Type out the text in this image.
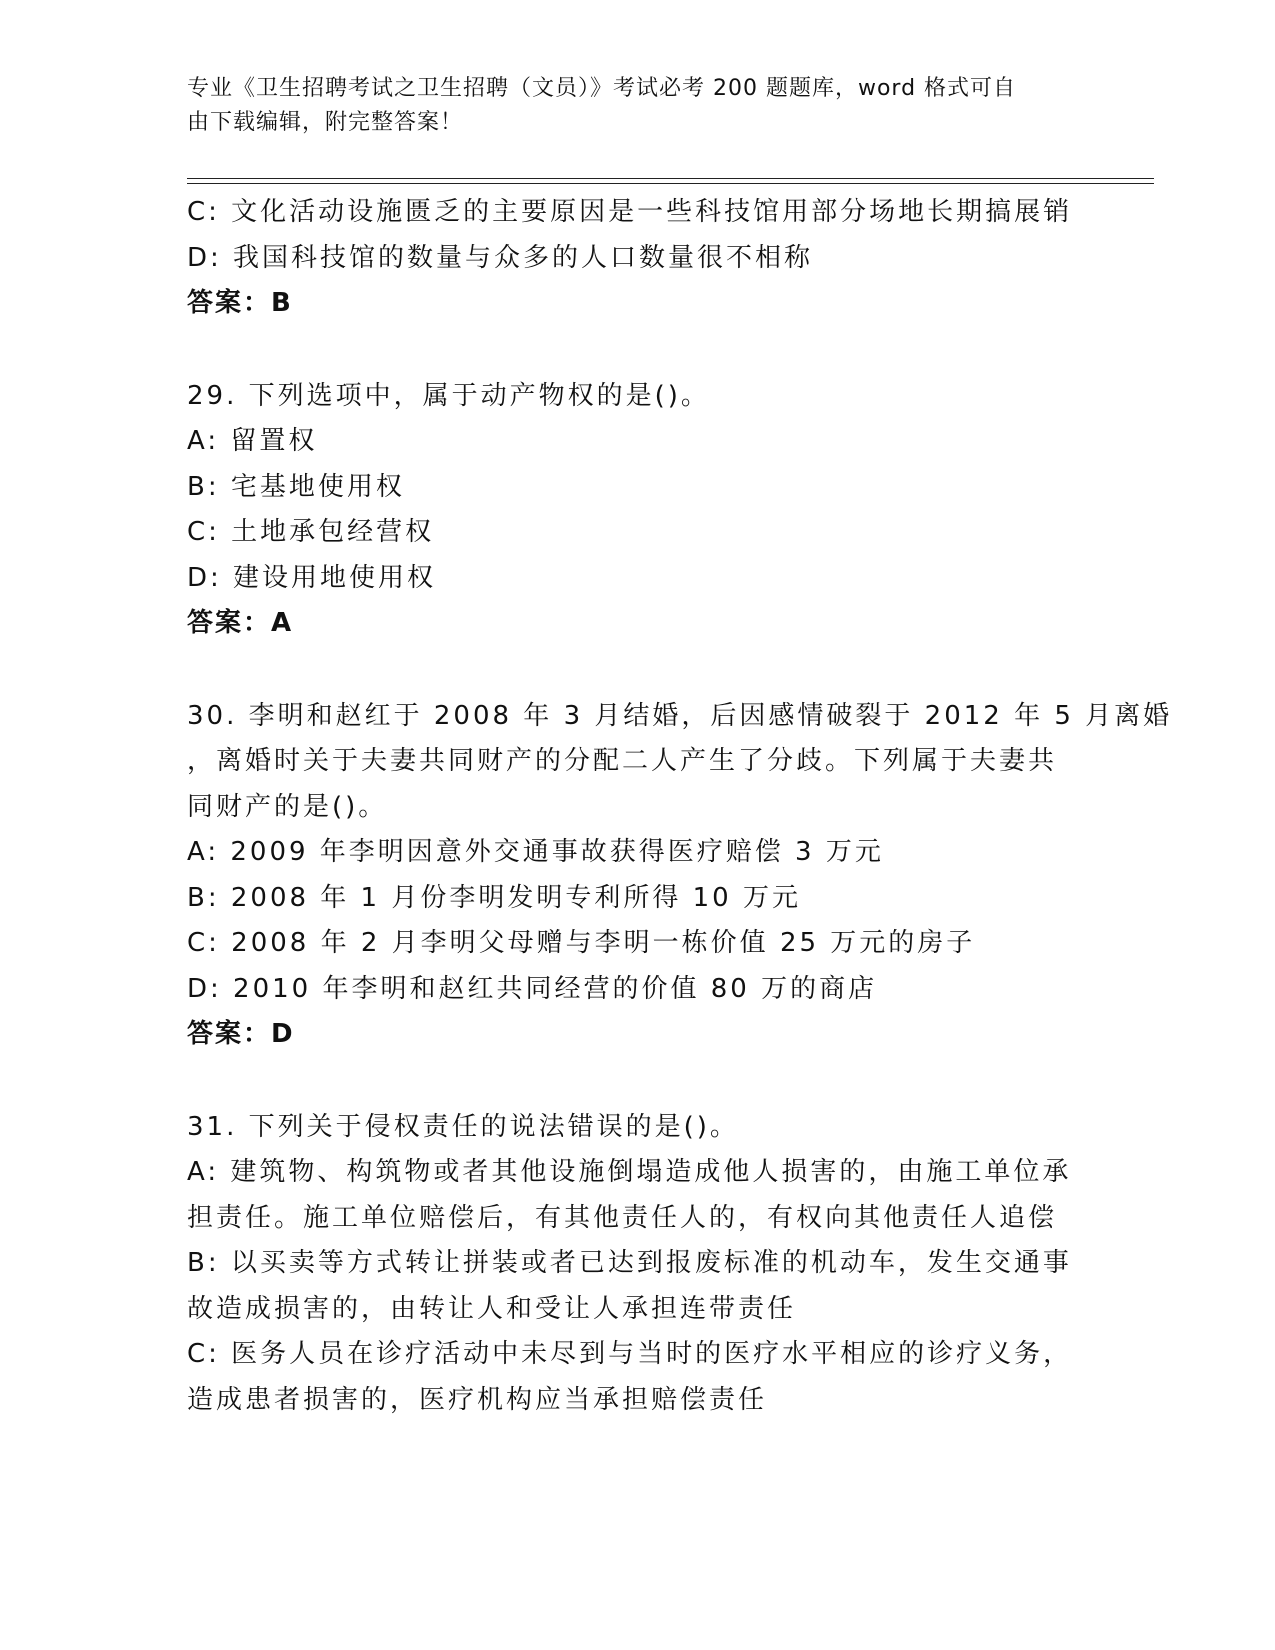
专业《卫生招聘考试之卫生招聘（文员）》考试必考 200 题题库，word 格式可自
由下载编辑，附完整答案！
C: 文化活动设施匮乏的主要原因是一些科技馆用部分场地长期搞展销
D: 我国科技馆的数量与众多的人口数量很不相称
答案：B
29. 下列选项中，属于动产物权的是()。
A: 留置权
B: 宅基地使用权
C: 土地承包经营权
D: 建设用地使用权
答案：A
30. 李明和赵红于 2008 年 3 月结婚，后因感情破裂于 2012 年 5 月离婚
，离婚时关于夫妻共同财产的分配二人产生了分歧。下列属于夫妻共
同财产的是()。
A: 2009 年李明因意外交通事故获得医疗赔偿 3 万元
B: 2008 年 1 月份李明发明专利所得 10 万元
C: 2008 年 2 月李明父母赠与李明一栋价值 25 万元的房子
D: 2010 年李明和赵红共同经营的价值 80 万的商店
答案：D
31. 下列关于侵权责任的说法错误的是()。
A: 建筑物、构筑物或者其他设施倒塌造成他人损害的，由施工单位承
担责任。施工单位赔偿后，有其他责任人的，有权向其他责任人追偿
B: 以买卖等方式转让拼装或者已达到报废标准的机动车，发生交通事
故造成损害的，由转让人和受让人承担连带责任
C: 医务人员在诊疗活动中未尽到与当时的医疗水平相应的诊疗义务，
造成患者损害的，医疗机构应当承担赔偿责任
